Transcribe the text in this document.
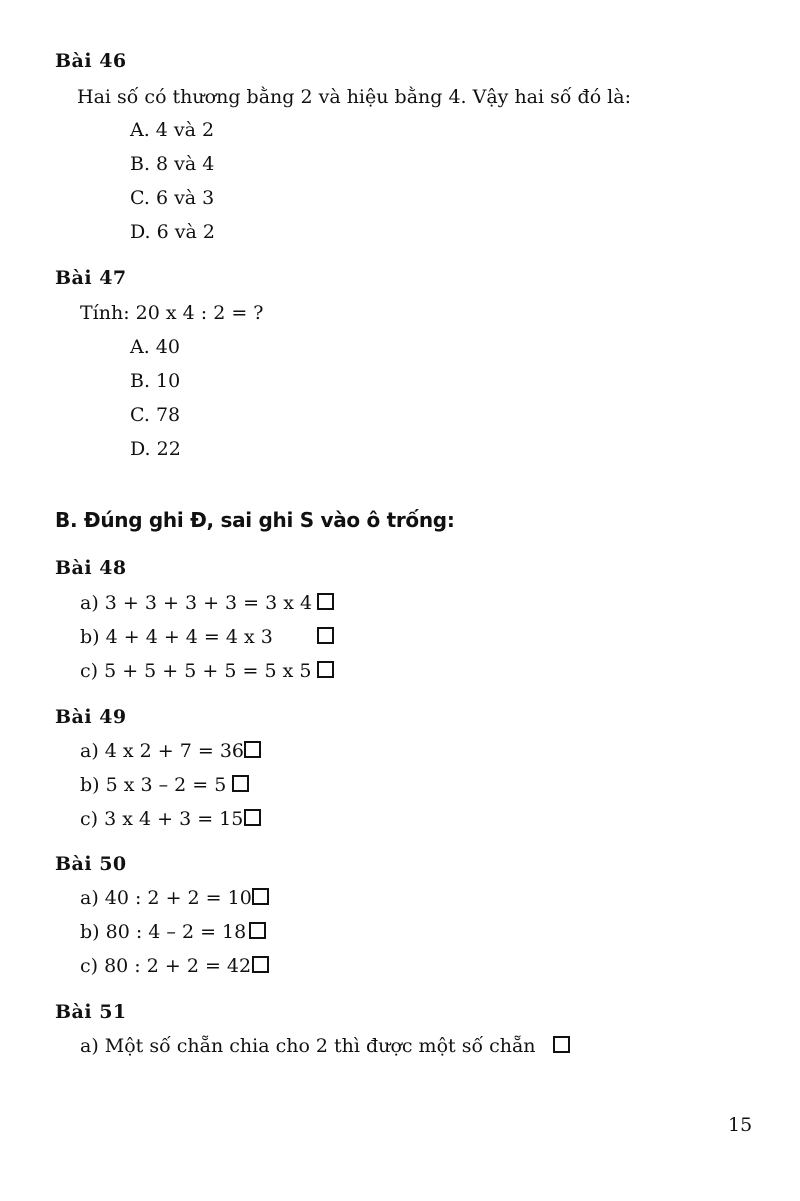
Bài 46
Hai số có thương bằng 2 và hiệu bằng 4. Vậy hai số đó là:
A. 4 và 2
B. 8 và 4
C. 6 và 3
D. 6 và 2
Bài 47
Tính: 20 x 4 : 2 = ?
A. 40
B. 10
C. 78
D. 22
B. Đúng ghi Đ, sai ghi S vào ô trống:
Bài 48
a) 3 + 3 + 3 + 3 = 3 x 4
b) 4 + 4 + 4 = 4 x 3
c) 5 + 5 + 5 + 5 = 5 x 5
Bài 49
a) 4 x 2 + 7 = 36
b) 5 x 3 – 2 = 5
c) 3 x 4 + 3 = 15
Bài 50
a) 40 : 2 + 2 = 10
b) 80 : 4 – 2 = 18
c) 80 : 2 + 2 = 42
Bài 51
a) Một số chẵn chia cho 2 thì được một số chẵn
15
